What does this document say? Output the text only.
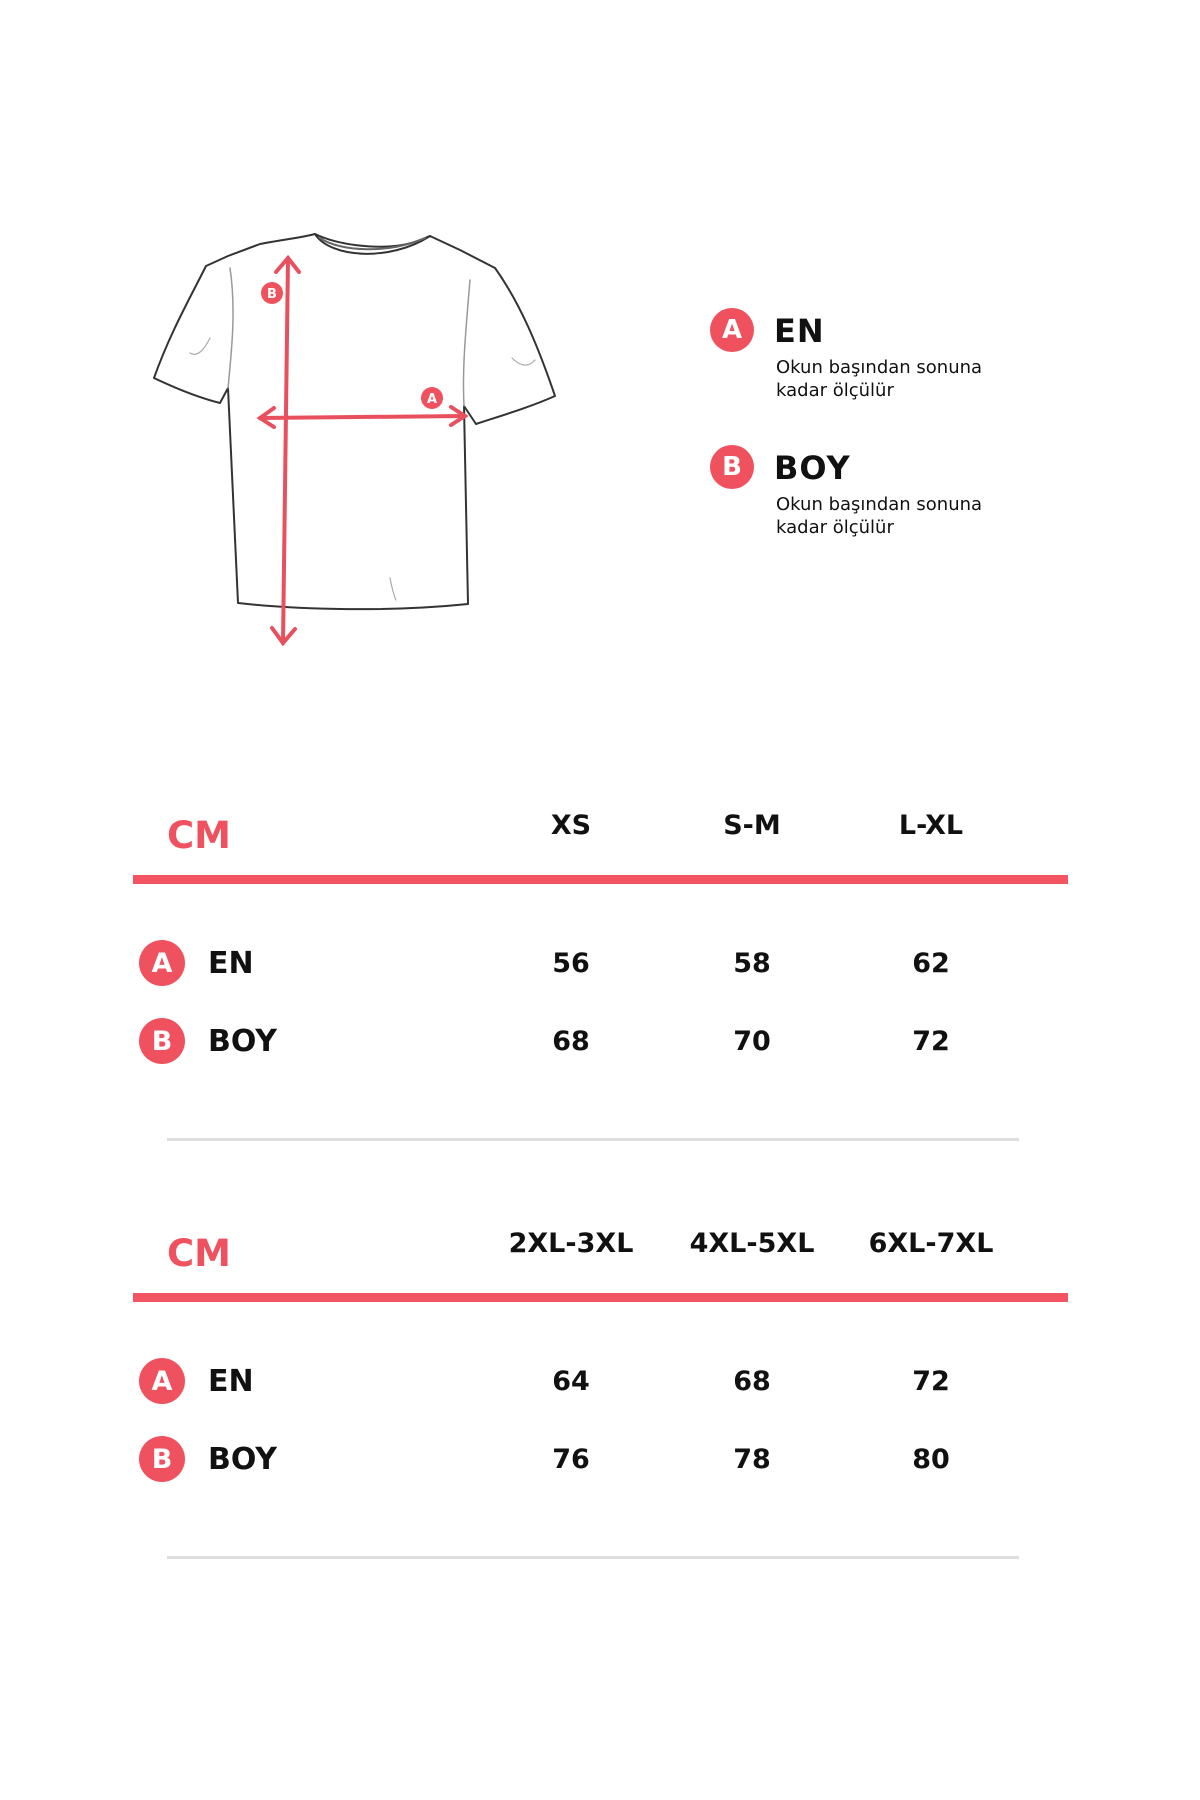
B
A
A EN
Okun başından sonuna
kadar ölçülür
B	BOY
Okun başından sonuna
kadar ölçülür
CM	XS	S-M	L-XL
A	EN	56	58	62
B	BOY	68	70	72
CM	2XL-3XL	4XL-5XL	6XL-7XL
A	EN	64	68	72
B	BOY	76	78	80
